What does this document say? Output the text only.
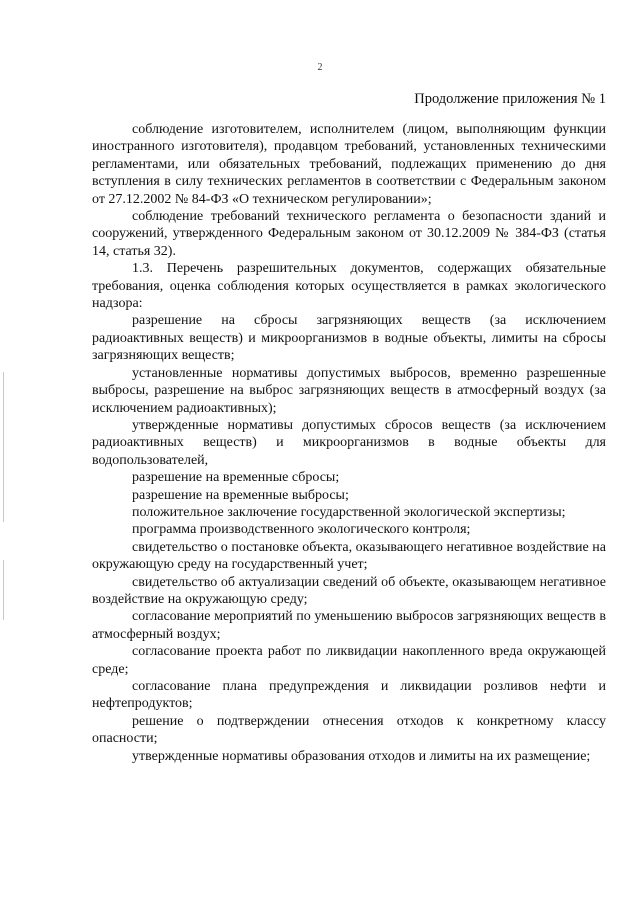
2
Продолжение приложения № 1

соблюдение изготовителем, исполнителем (лицом, выполняющим функции иностранного изготовителя), продавцом требований, установленных техническими регламентами, или обязательных требований, подлежащих применению до дня вступления в силу технических регламентов в соответствии с Федеральным законом от 27.12.2002 № 84-ФЗ «О техническом регулировании»;

соблюдение требований технического регламента о безопасности зданий и сооружений, утвержденного Федеральным законом от 30.12.2009 № 384-ФЗ (статья 14, статья 32).

1.3. Перечень разрешительных документов, содержащих обязательные требования, оценка соблюдения которых осуществляется в рамках экологического надзора:

разрешение на сбросы загрязняющих веществ (за исключением радиоактивных веществ) и микроорганизмов в водные объекты, лимиты на сбросы загрязняющих веществ;

установленные нормативы допустимых выбросов, временно разрешенные выбросы, разрешение на выброс загрязняющих веществ в атмосферный воздух (за исключением радиоактивных);

утвержденные нормативы допустимых сбросов веществ (за исключением радиоактивных веществ) и микроорганизмов в водные объекты для водопользователей,

разрешение на временные сбросы;

разрешение на временные выбросы;

положительное заключение государственной экологической экспертизы;

программа производственного экологического контроля;

свидетельство о постановке объекта, оказывающего негативное воздействие на окружающую среду на государственный учет;

свидетельство об актуализации сведений об объекте, оказывающем негативное воздействие на окружающую среду;

согласование мероприятий по уменьшению выбросов загрязняющих веществ в атмосферный воздух;

согласование проекта работ по ликвидации накопленного вреда окружающей среде;

согласование плана предупреждения и ликвидации розливов нефти и нефтепродуктов;

решение о подтверждении отнесения отходов к конкретному классу опасности;

утвержденные нормативы образования отходов и лимиты на их размещение;
